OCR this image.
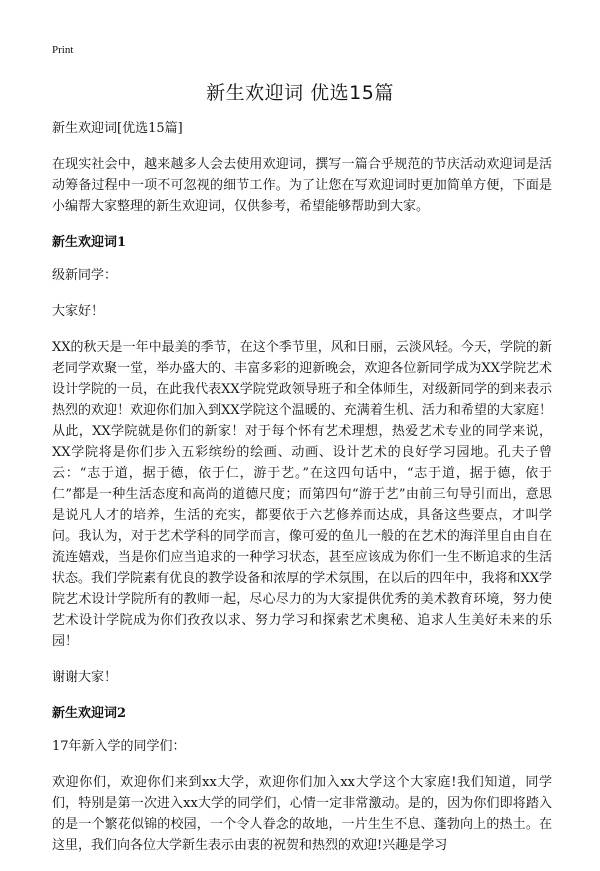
Print
新生欢迎词 优选15篇

新生欢迎词[优选15篇]

在现实社会中，越来越多人会去使用欢迎词，撰写一篇合乎规范的节庆活动欢迎词是活动筹备过程中一项不可忽视的细节工作。为了让您在写欢迎词时更加简单方便，下面是小编帮大家整理的新生欢迎词，仅供参考，希望能够帮助到大家。

新生欢迎词1

级新同学：

大家好！

XX的秋天是一年中最美的季节，在这个季节里，风和日丽，云淡风轻。今天，学院的新老同学欢聚一堂，举办盛大的、丰富多彩的迎新晚会，欢迎各位新同学成为XX学院艺术设计学院的一员，在此我代表XX学院党政领导班子和全体师生，对级新同学的到来表示热烈的欢迎！欢迎你们加入到XX学院这个温暖的、充满着生机、活力和希望的大家庭！从此，XX学院就是你们的新家！对于每个怀有艺术理想，热爱艺术专业的同学来说，XX学院将是你们步入五彩缤纷的绘画、动画、设计艺术的良好学习园地。孔夫子曾云：“志于道，据于德，依于仁，游于艺。”在这四句话中，“志于道，据于德，依于仁”都是一种生活态度和高尚的道德尺度；而第四句“游于艺”由前三句导引而出，意思是说凡人才的培养，生活的充实，都要依于六艺修养而达成，具备这些要点，才叫学问。我认为，对于艺术学科的同学而言，像可爱的鱼儿一般的在艺术的海洋里自由自在流连嬉戏，当是你们应当追求的一种学习状态，甚至应该成为你们一生不断追求的生活状态。我们学院素有优良的教学设备和浓厚的学术氛围，在以后的四年中，我将和XX学院艺术设计学院所有的教师一起，尽心尽力的为大家提供优秀的美术教育环境，努力使艺术设计学院成为你们孜孜以求、努力学习和探索艺术奥秘、追求人生美好未来的乐园！

谢谢大家！

新生欢迎词2

17年新入学的同学们：

欢迎你们，欢迎你们来到xx大学，欢迎你们加入xx大学这个大家庭!我们知道，同学们，特别是第一次进入xx大学的同学们，心情一定非常激动。是的，因为你们即将踏入的是一个繁花似锦的校园，一个令人眷念的故地，一片生生不息、蓬勃向上的热土。在这里，我们向各位大学新生表示由衷的祝贺和热烈的欢迎!兴趣是学习
